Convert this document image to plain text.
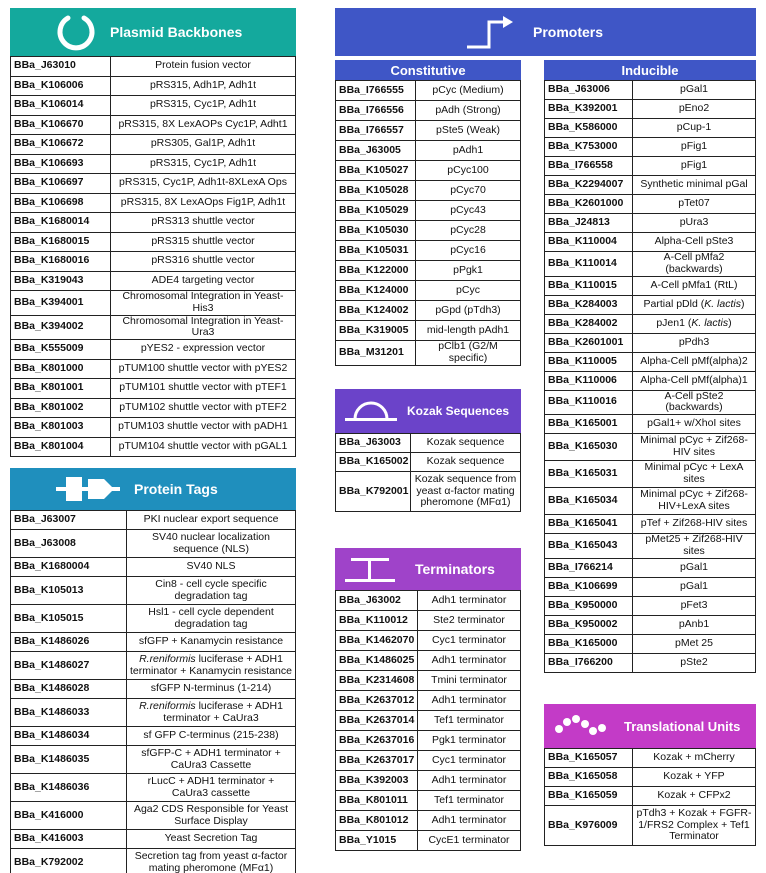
Plasmid Backbones
BBa_J63010	Protein fusion vector
BBa_K106006	pRS315, Adh1P, Adh1t
BBa_K106014	pRS315, Cyc1P, Adh1t
BBa_K106670	pRS315, 8X LexAOPs Cyc1P, Adht1
BBa_K106672	pRS305, Gal1P, Adh1t
BBa_K106693	pRS315, Cyc1P, Adh1t
BBa_K106697	pRS315, Cyc1P, Adh1t-8XLexA Ops
BBa_K106698	pRS315, 8X LexAOps Fig1P, Adh1t
BBa_K1680014	pRS313 shuttle vector
BBa_K1680015	pRS315 shuttle vector
BBa_K1680016	pRS316 shuttle vector
BBa_K319043	ADE4 targeting vector
BBa_K394001	Chromosomal Integration in Yeast-His3
BBa_K394002	Chromosomal Integration in Yeast-Ura3
BBa_K555009	pYES2 - expression vector
BBa_K801000	pTUM100 shuttle vector with pYES2
BBa_K801001	pTUM101 shuttle vector with pTEF1
BBa_K801002	pTUM102 shuttle vector with pTEF2
BBa_K801003	pTUM103 shuttle vector with pADH1
BBa_K801004	pTUM104 shuttle vector with pGAL1
Protein Tags
BBa_J63007	PKI nuclear export sequence
BBa_J63008	SV40 nuclear localization sequence (NLS)
BBa_K1680004	SV40 NLS
BBa_K105013	Cin8 - cell cycle specific degradation tag
BBa_K105015	Hsl1 - cell cycle dependent degradation tag
BBa_K1486026	sfGFP + Kanamycin resistance
BBa_K1486027	R.reniformis luciferase + ADH1 terminator + Kanamycin resistance
BBa_K1486028	sfGFP N-terminus (1-214)
BBa_K1486033	R.reniformis luciferase + ADH1 terminator + CaUra3
BBa_K1486034	sf GFP C-terminus (215-238)
BBa_K1486035	sfGFP-C + ADH1 terminator + CaUra3 Cassette
BBa_K1486036	rLucC + ADH1 terminator + CaUra3 cassette
BBa_K416000	Aga2 CDS Responsible for Yeast Surface Display
BBa_K416003	Yeast Secretion Tag
BBa_K792002	Secretion tag from yeast α-factor mating pheromone (MFα1)
Promoters
Constitutive
BBa_I766555	pCyc (Medium)
BBa_I766556	pAdh (Strong)
BBa_I766557	pSte5 (Weak)
BBa_J63005	pAdh1
BBa_K105027	pCyc100
BBa_K105028	pCyc70
BBa_K105029	pCyc43
BBa_K105030	pCyc28
BBa_K105031	pCyc16
BBa_K122000	pPgk1
BBa_K124000	pCyc
BBa_K124002	pGpd (pTdh3)
BBa_K319005	mid-length pAdh1
BBa_M31201	pClb1 (G2/M specific)
Inducible
BBa_J63006	pGal1
BBa_K392001	pEno2
BBa_K586000	pCup-1
BBa_K753000	pFig1
BBa_I766558	pFig1
BBa_K2294007	Synthetic minimal pGal
BBa_K2601000	pTet07
BBa_J24813	pUra3
BBa_K110004	Alpha-Cell pSte3
BBa_K110014	A-Cell pMfa2 (backwards)
BBa_K110015	A-Cell pMfa1 (RtL)
BBa_K284003	Partial pDld (K. lactis)
BBa_K284002	pJen1 (K. lactis)
BBa_K2601001	pPdh3
BBa_K110005	Alpha-Cell pMf(alpha)2
BBa_K110006	Alpha-Cell pMf(alpha)1
BBa_K110016	A-Cell pSte2 (backwards)
BBa_K165001	pGal1+ w/XhoI sites
BBa_K165030	Minimal pCyc + Zif268-HIV sites
BBa_K165031	Minimal pCyc + LexA sites
BBa_K165034	Minimal pCyc + Zif268-HIV+LexA sites
BBa_K165041	pTef + Zif268-HIV sites
BBa_K165043	pMet25 + Zif268-HIV sites
BBa_I766214	pGal1
BBa_K106699	pGal1
BBa_K950000	pFet3
BBa_K950002	pAnb1
BBa_K165000	pMet 25
BBa_I766200	pSte2
Kozak Sequences
BBa_J63003	Kozak sequence
BBa_K165002	Kozak sequence
BBa_K792001	Kozak sequence from yeast α-factor mating pheromone (MFα1)
Terminators
BBa_J63002	Adh1 terminator
BBa_K110012	Ste2 terminator
BBa_K1462070	Cyc1 terminator
BBa_K1486025	Adh1 terminator
BBa_K2314608	Tmini terminator
BBa_K2637012	Adh1 terminator
BBa_K2637014	Tef1 terminator
BBa_K2637016	Pgk1 terminator
BBa_K2637017	Cyc1 terminator
BBa_K392003	Adh1 terminator
BBa_K801011	Tef1 terminator
BBa_K801012	Adh1 terminator
BBa_Y1015	CycE1 terminator
Translational Units
BBa_K165057	Kozak + mCherry
BBa_K165058	Kozak + YFP
BBa_K165059	Kozak + CFPx2
BBa_K976009	pTdh3 + Kozak + FGFR-1/FRS2 Complex + Tef1 Terminator
